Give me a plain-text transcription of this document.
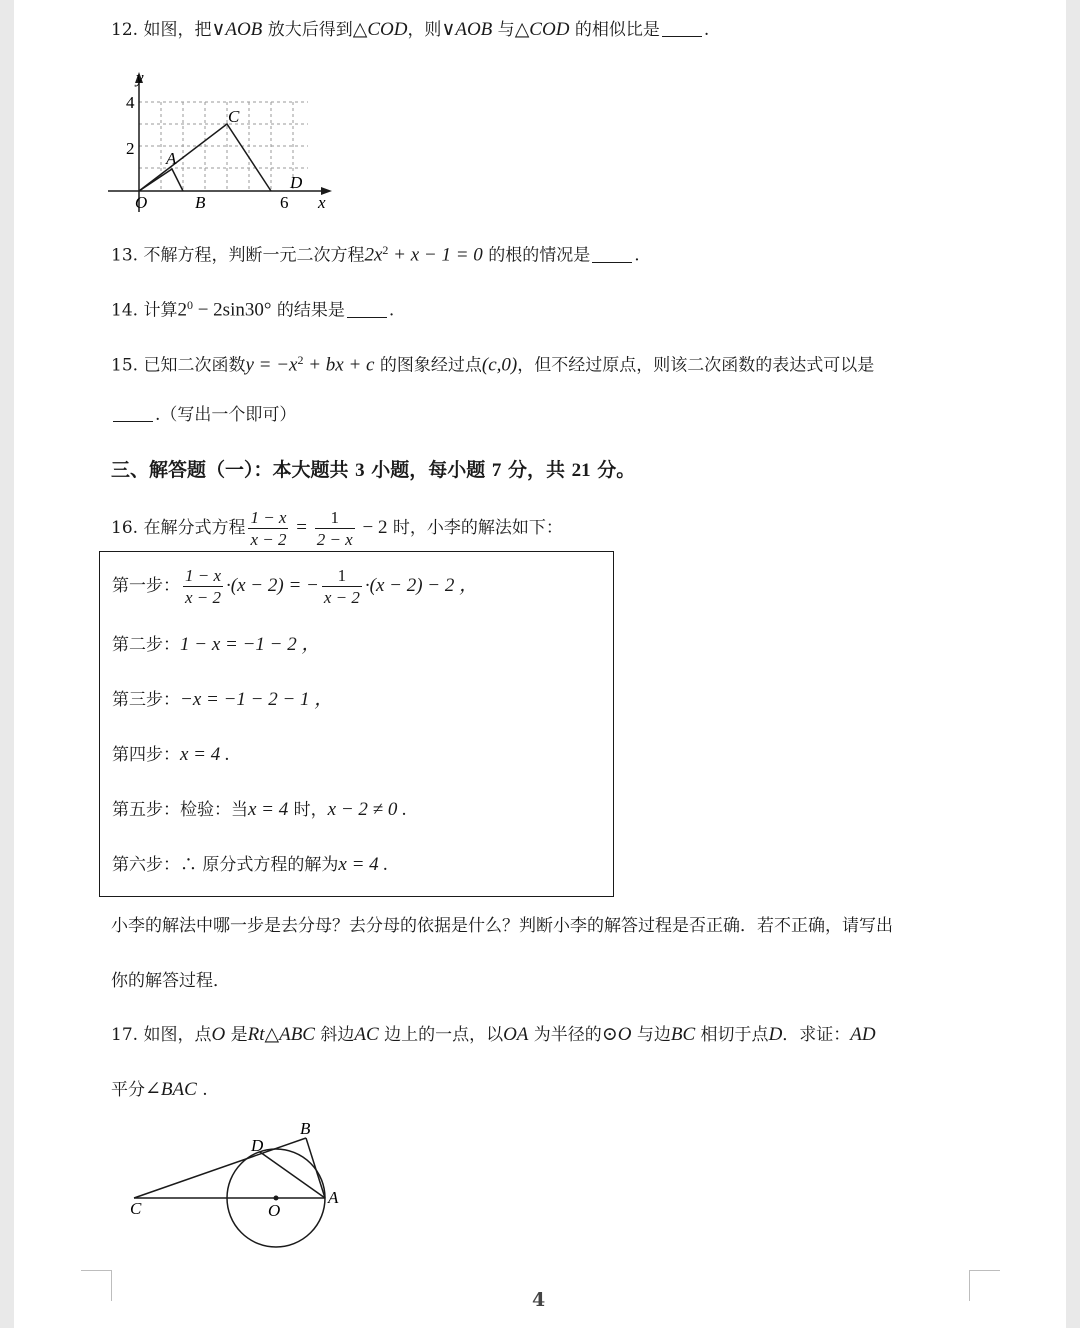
12. 如图，把∨AOB 放大后得到△COD，则∨AOB 与△COD 的相似比是	.
y
x
O
4
2
6
A
B
C
D
13. 不解方程，判断一元二次方程$2x^2 + x - 1 = 0$ 的根的情况是	.
14. 计算$2^0 - 2\sin 30^\circ$ 的结果是	.
15. 已知二次函数$y = -x^2$ + bx + c 的图象经过点(c,0)，但不经过原点，则该二次函数的表达式可以是
.（写出一个即可）
三、解答题（一）：本大题共 3 小题，每小题 7 分，共 21 分。
16. 在解分式方程 $\frac{1 - x}{x - 2} = \frac{1}{2 - x} - 2$ 时，小李的解法如下：
第一步： $\frac{1 - x}{x - 2} \cdot(x - 2)$ = − $\frac{1}{x - 2} \cdot(x - 2) - 2$ ，
第二步：1 − x = −1 − 2 ，
第三步：−x = −1 − 2 − 1 ，
第四步：x = 4 .
第五步：检验：当x = 4 时，x − 2 ≠ 0 .
第六步：∴ 原分式方程的解为x = 4 .
小李的解法中哪一步是去分母？去分母的依据是什么？判断小李的解答过程是否正确．若不正确，请写出
你的解答过程．
17. 如图，点O 是Rt△ABC 斜边AC 边上的一点，以OA 为半径的⊙O 与边BC 相切于点D．求证：AD
平分∠BAC .
A
B
C
D
O
4
